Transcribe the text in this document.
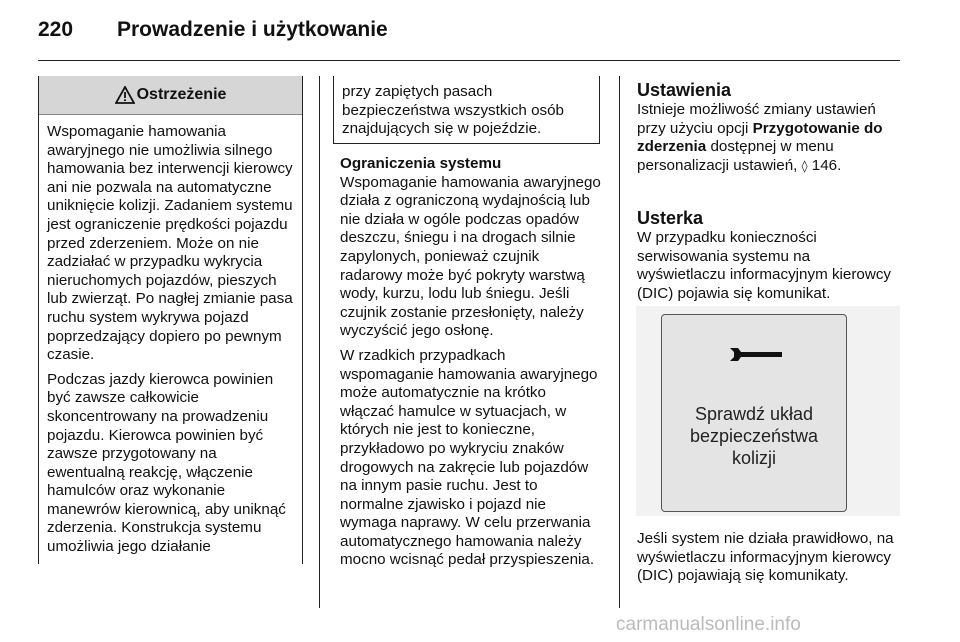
220 Prowadzenie i użytkowanie
Ostrzeżenie

Wspomaganie hamowania awaryjnego nie umożliwia silnego hamowania bez interwencji kierowcy ani nie pozwala na automatyczne uniknięcie kolizji. Zadaniem systemu jest ograniczenie prędkości pojazdu przed zderzeniem. Może on nie zadziałać w przypadku wykrycia nieruchomych pojazdów, pieszych lub zwierząt. Po nagłej zmianie pasa ruchu system wykrywa pojazd poprzedzający dopiero po pewnym czasie.

Podczas jazdy kierowca powinien być zawsze całkowicie skoncentrowany na prowadzeniu pojazdu. Kierowca powinien być zawsze przygotowany na ewentualną reakcję, włączenie hamulców oraz wykonanie manewrów kierownicą, aby uniknąć zderzenia. Konstrukcja systemu umożliwia jego działanie

przy zapiętych pasach bezpieczeństwa wszystkich osób znajdujących się w pojeździe.
Ograniczenia systemu

Wspomaganie hamowania awaryjnego działa z ograniczoną wydajnością lub nie działa w ogóle podczas opadów deszczu, śniegu i na drogach silnie zapylonych, ponieważ czujnik radarowy może być pokryty warstwą wody, kurzu, lodu lub śniegu. Jeśli czujnik zostanie przesłonięty, należy wyczyścić jego osłonę.

W rzadkich przypadkach wspomaganie hamowania awaryjnego może automatycznie na krótko włączać hamulce w sytuacjach, w których nie jest to konieczne, przykładowo po wykryciu znaków drogowych na zakręcie lub pojazdów na innym pasie ruchu. Jest to normalne zjawisko i pojazd nie wymaga naprawy. W celu przerwania automatycznego hamowania należy mocno wcisnąć pedał przyspieszenia.

Ustawienia

Istnieje możliwość zmiany ustawień przy użyciu opcji Przygotowanie do zderzenia dostępnej w menu personalizacji ustawień, ◊ 146.

Usterka

W przypadku konieczności serwisowania systemu na wyświetlaczu informacyjnym kierowcy (DIC) pojawia się komunikat.

Sprawdź układ
bezpieczeństwa
kolizji

Jeśli system nie działa prawidłowo, na wyświetlaczu informacyjnym kierowcy (DIC) pojawiają się komunikaty.

carmanualsonline.info
